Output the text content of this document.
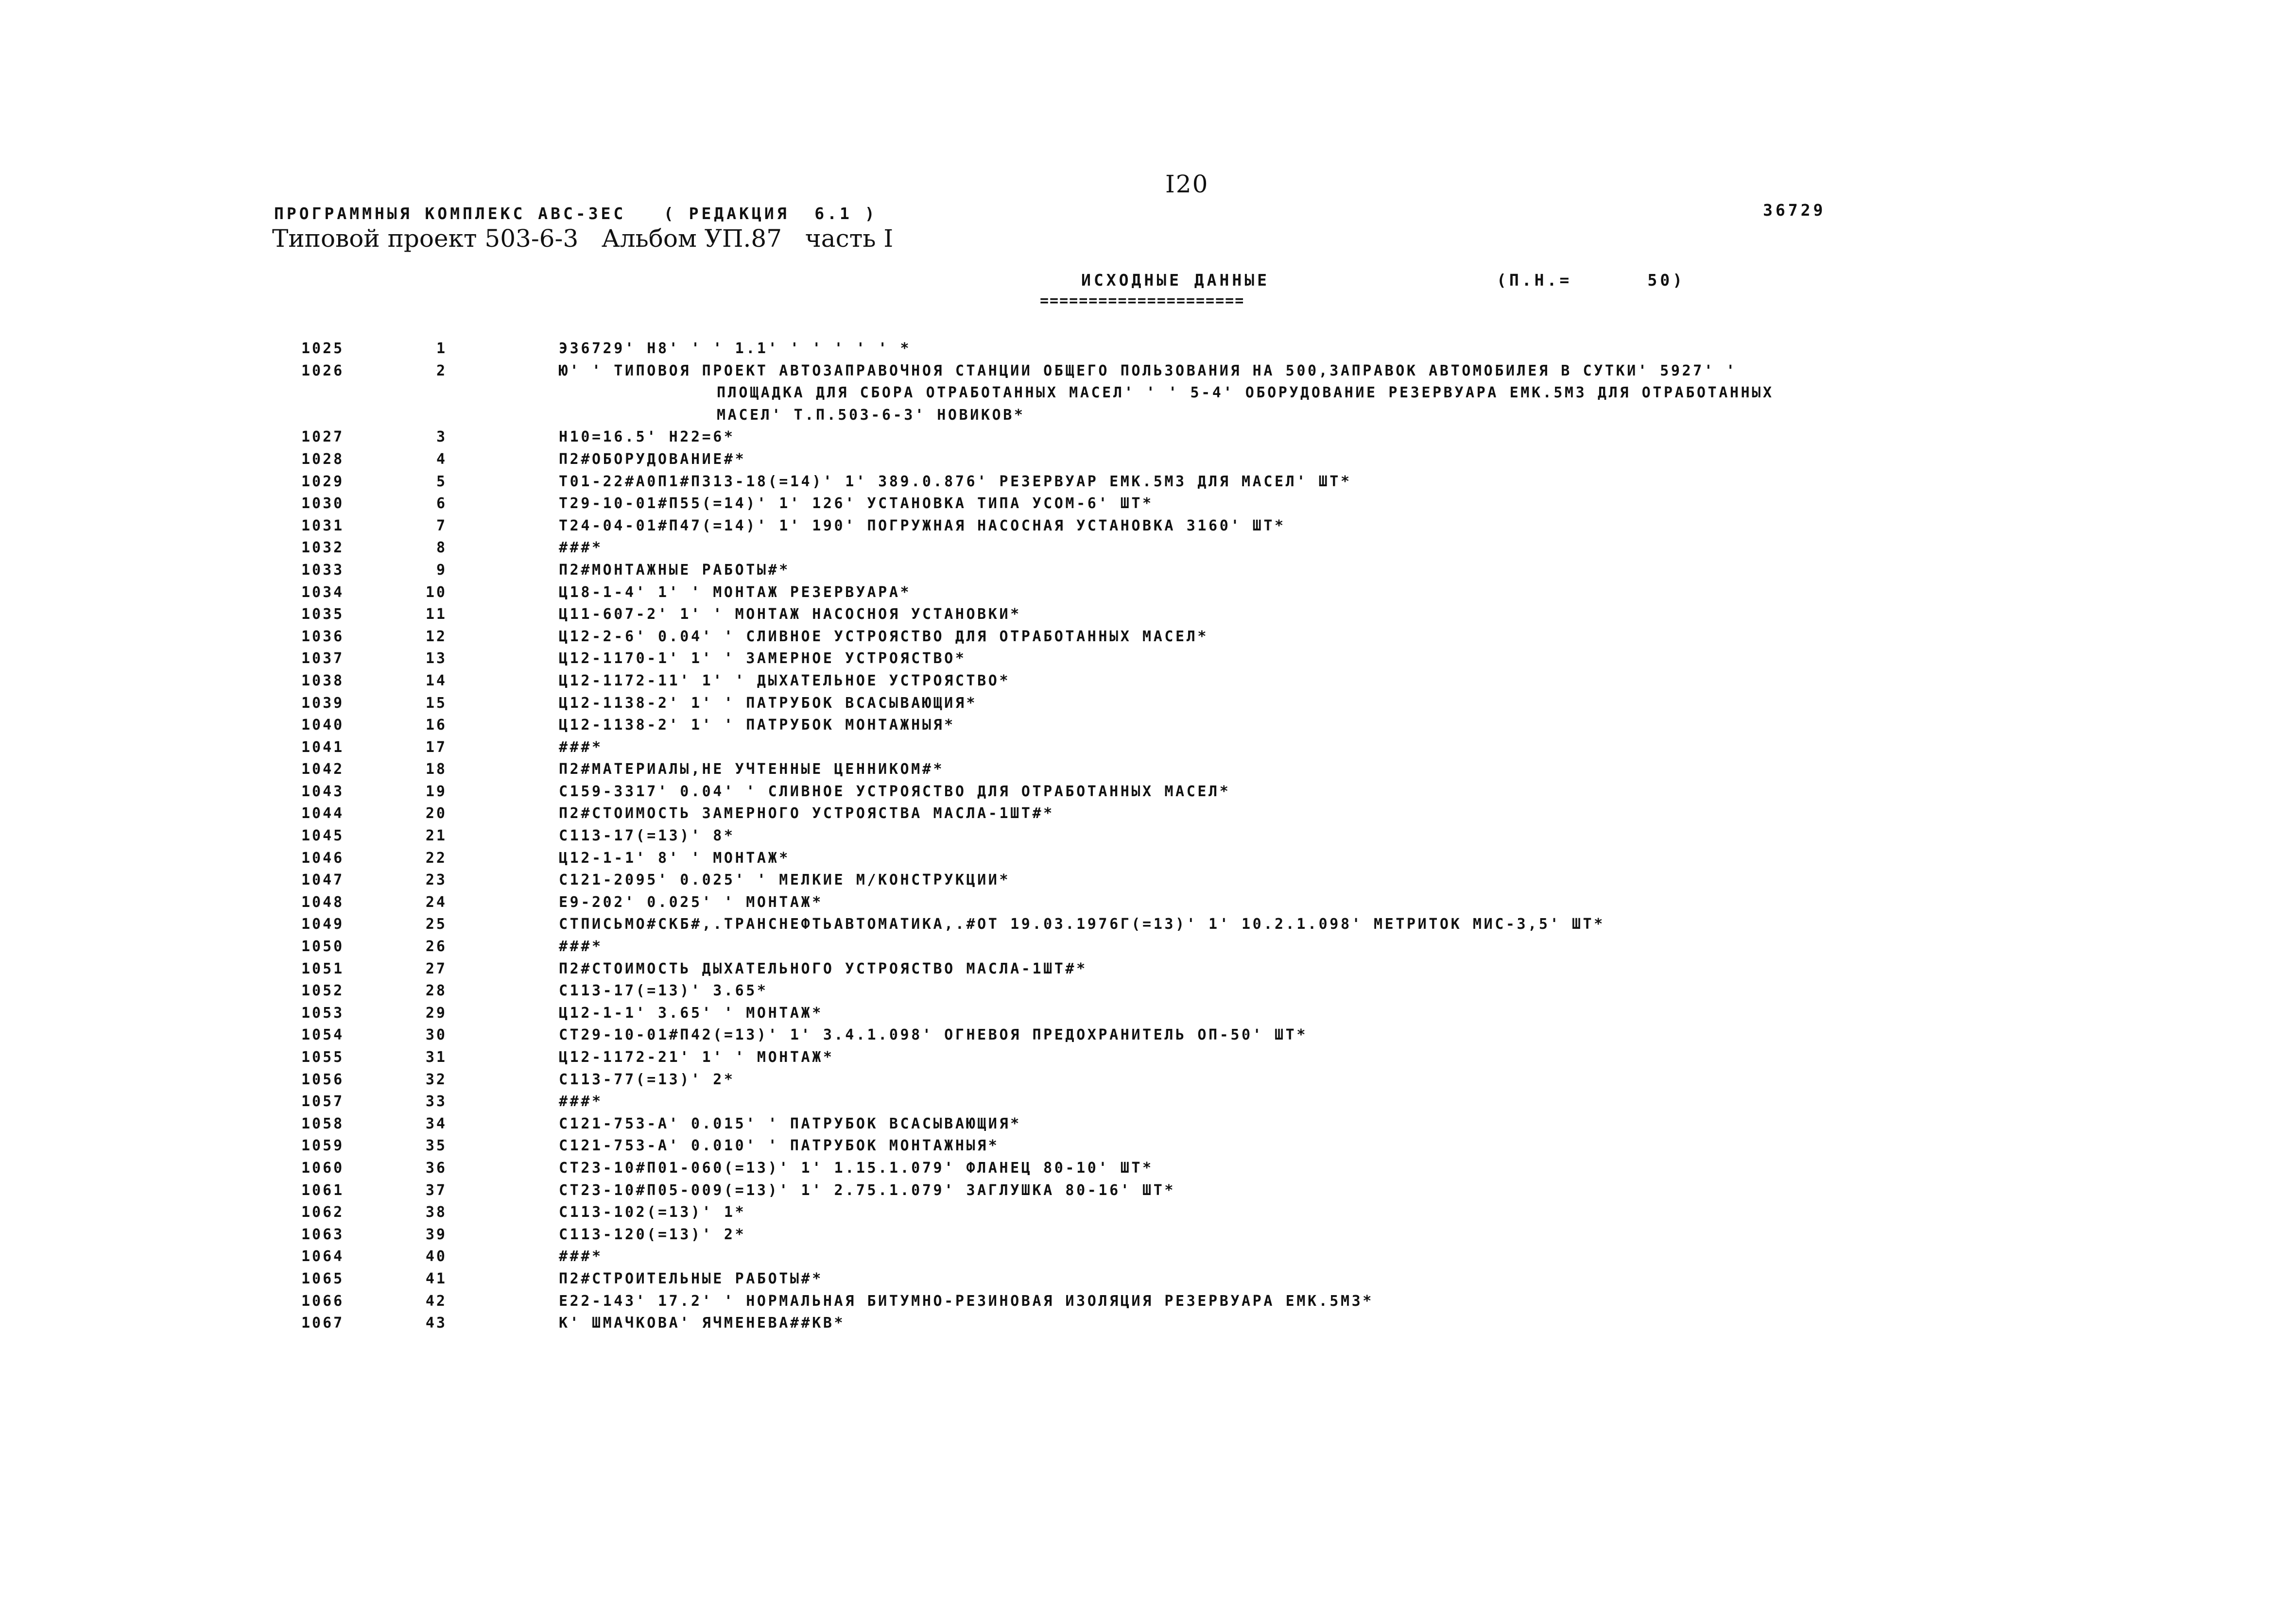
I20
ПРОГРАММНЫЯ КОМПЛЕКС АВС-ЗЕС   ( РЕДАКЦИЯ  6.1 )	36729
Типовой проект 503-6-3   Альбом УП.87   часть I
ИСХОДНЫЕ ДАННЫЕ	(П.Н.=      50)
=====================
1025	1	Э36729' Н8' ' ' 1.1' ' ' ' ' ' *
1026	2	Ю' ' ТИПОВОЯ ПРОЕКТ АВТОЗАПРАВОЧНОЯ СТАНЦИИ ОБЩЕГО ПОЛЬЗОВАНИЯ НА 500,ЗАПРАВОК АВТОМОБИЛЕЯ В СУТКИ' 5927' '
ПЛОЩАДКА ДЛЯ СБОРА ОТРАБОТАННЫХ МАСЕЛ' ' ' 5-4' ОБОРУДОВАНИЕ РЕЗЕРВУАРА ЕМК.5М3 ДЛЯ ОТРАБОТАННЫХ
МАСЕЛ' Т.П.503-6-3' НОВИКОВ*
1027	3	Н10=16.5' Н22=6*
1028	4	П2#ОБОРУДОВАНИЕ#*
1029	5	Т01-22#А0П1#П313-18(=14)' 1' 389.0.876' РЕЗЕРВУАР ЕМК.5М3 ДЛЯ МАСЕЛ' ШТ*
1030	6	Т29-10-01#П55(=14)' 1' 126' УСТАНОВКА ТИПА УСОМ-6' ШТ*
1031	7	Т24-04-01#П47(=14)' 1' 190' ПОГРУЖНАЯ НАСОСНАЯ УСТАНОВКА 3160' ШТ*
1032	8	###*
1033	9	П2#МОНТАЖНЫЕ РАБОТЫ#*
1034	10	Ц18-1-4' 1' ' МОНТАЖ РЕЗЕРВУАРА*
1035	11	Ц11-607-2' 1' ' МОНТАЖ НАСОСНОЯ УСТАНОВКИ*
1036	12	Ц12-2-6' 0.04' ' СЛИВНОЕ УСТРОЯСТВО ДЛЯ ОТРАБОТАННЫХ МАСЕЛ*
1037	13	Ц12-1170-1' 1' ' ЗАМЕРНОЕ УСТРОЯСТВО*
1038	14	Ц12-1172-11' 1' ' ДЫХАТЕЛЬНОЕ УСТРОЯСТВО*
1039	15	Ц12-1138-2' 1' ' ПАТРУБОК ВСАСЫВАЮЩИЯ*
1040	16	Ц12-1138-2' 1' ' ПАТРУБОК МОНТАЖНЫЯ*
1041	17	###*
1042	18	П2#МАТЕРИАЛЫ,НЕ УЧТЕННЫЕ ЦЕННИКОМ#*
1043	19	С159-3317' 0.04' ' СЛИВНОЕ УСТРОЯСТВО ДЛЯ ОТРАБОТАННЫХ МАСЕЛ*
1044	20	П2#СТОИМОСТЬ ЗАМЕРНОГО УСТРОЯСТВА МАСЛА-1ШТ#*
1045	21	С113-17(=13)' 8*
1046	22	Ц12-1-1' 8' ' МОНТАЖ*
1047	23	С121-2095' 0.025' ' МЕЛКИЕ М/КОНСТРУКЦИИ*
1048	24	Е9-202' 0.025' ' МОНТАЖ*
1049	25	СТПИСЬМО#СКБ#,.ТРАНСНЕФТЬАВТОМАТИКА,.#ОТ 19.03.1976Г(=13)' 1' 10.2.1.098' МЕТРИТОК МИС-3,5' ШТ*
1050	26	###*
1051	27	П2#СТОИМОСТЬ ДЫХАТЕЛЬНОГО УСТРОЯСТВО МАСЛА-1ШТ#*
1052	28	С113-17(=13)' 3.65*
1053	29	Ц12-1-1' 3.65' ' МОНТАЖ*
1054	30	СТ29-10-01#П42(=13)' 1' 3.4.1.098' ОГНЕВОЯ ПРЕДОХРАНИТЕЛЬ ОП-50' ШТ*
1055	31	Ц12-1172-21' 1' ' МОНТАЖ*
1056	32	С113-77(=13)' 2*
1057	33	###*
1058	34	С121-753-А' 0.015' ' ПАТРУБОК ВСАСЫВАЮЩИЯ*
1059	35	С121-753-А' 0.010' ' ПАТРУБОК МОНТАЖНЫЯ*
1060	36	СТ23-10#П01-060(=13)' 1' 1.15.1.079' ФЛАНЕЦ 80-10' ШТ*
1061	37	СТ23-10#П05-009(=13)' 1' 2.75.1.079' ЗАГЛУШКА 80-16' ШТ*
1062	38	С113-102(=13)' 1*
1063	39	С113-120(=13)' 2*
1064	40	###*
1065	41	П2#СТРОИТЕЛЬНЫЕ РАБОТЫ#*
1066	42	Е22-143' 17.2' ' НОРМАЛЬНАЯ БИТУМНО-РЕЗИНОВАЯ ИЗОЛЯЦИЯ РЕЗЕРВУАРА ЕМК.5М3*
1067	43	К' ШМАЧКОВА' ЯЧМЕНЕВА##КВ*
